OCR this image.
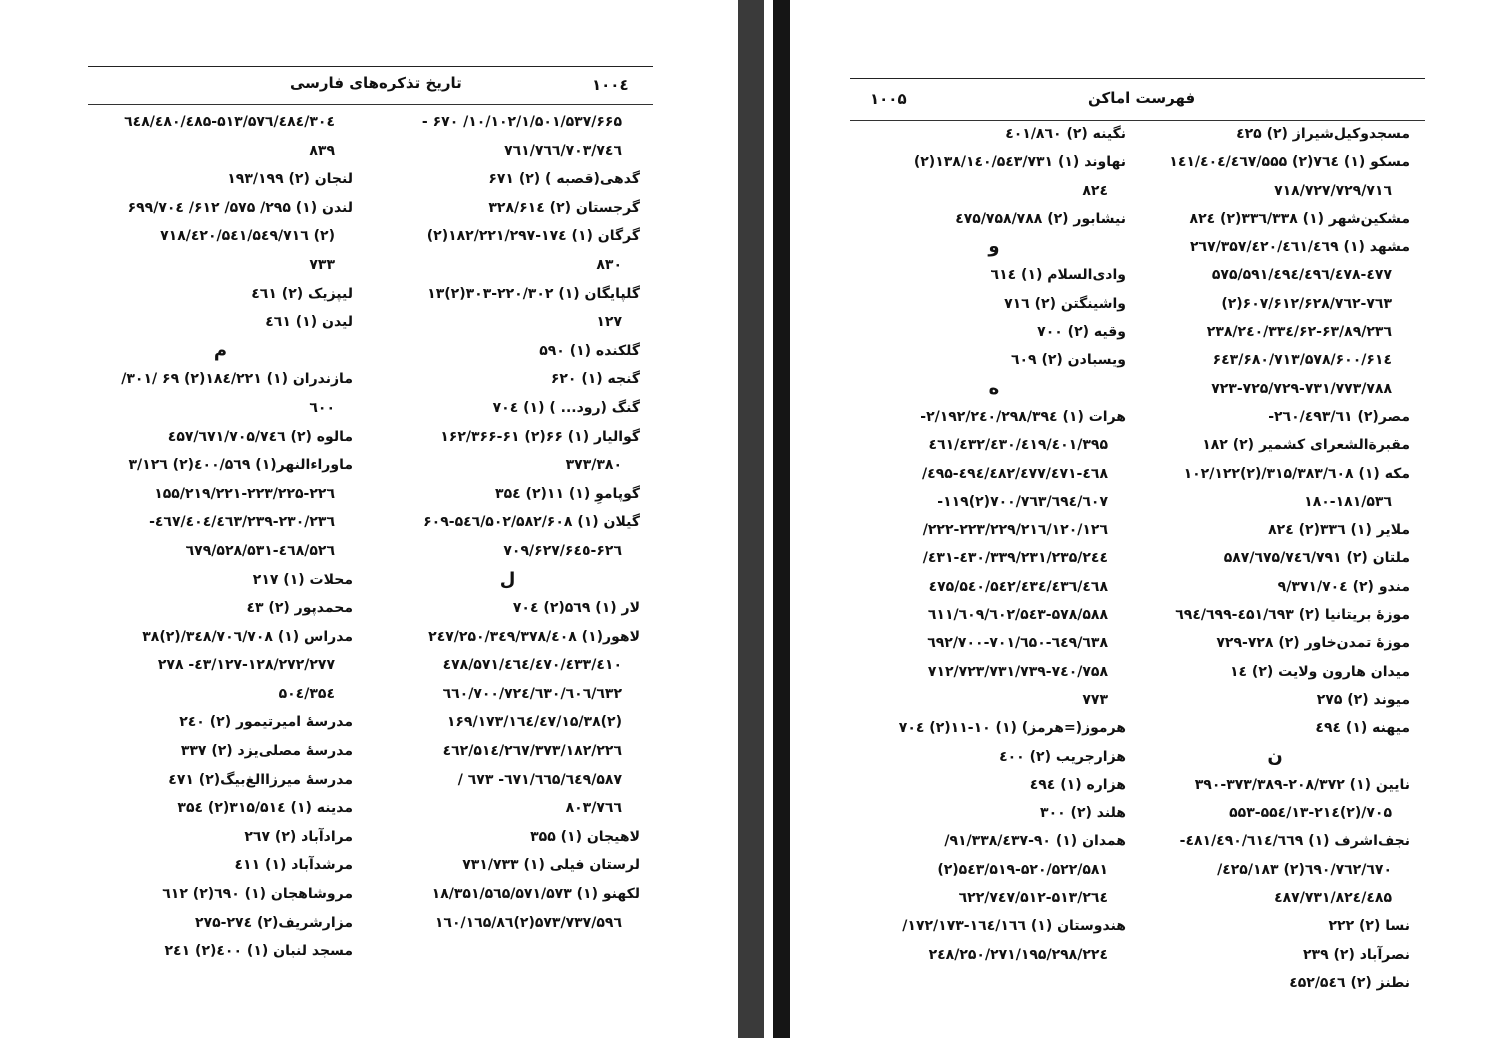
۱۰۰٤
تاریخ تذکره‌های فارسی
۱۰/۱۰۲/۱/۵۰۱/۵۳۷/۶۶۵/ ۶۷۰ -
۷۰۳/۷٤٦/۷٦٦/۷٦۱
گدهی(قصبه ) (۲) ۶۷۱
گرجستان (۲) ۳۲۸/۶۱٤
گرگان (۱) ۱۷٤-۱۸۲/۲۲۱/۲۹۷(۲)
۸۳۰
گلپایگان (۱) ۲۲۰/۳۰۲-۳۰۳(۲)۱۳
۱۲۷
گلکنده (۱) ۵۹۰
گنجه (۱) ۶۲۰
گنگ (رود... ) (۱) ۷۰٤
گوالیار (۱) ۶۶(۲) ۶۱-۱۶۲/۳۶۶
۳۷۳/۳۸۰
گوپاموِ (۱) ۱۱(۲) ۳۵٤
گیلان (۱) ۵٤٦/۵۰۲/۵۸۲/۶۰۸-۶۰۹
۶۲٦-۶۲۷/۶٤٥/۷۰۹
ل
لار (۱) ۵٦۹(۲) ۷۰٤
لاهور(۱) ۲٤۷/۲۵۰/۳٤۹/۳۷۸/٤۰۸
٤۱۰/٤۳۳/٤٦٤/٤۷۰/٤۷۸/۵۷۱
٦۰٦/٦۳۲/٦۳۰/٦٦۰/۷۰۰/۷۲٤
(۲)۱۵/۳۸/٤٧/۱٦٤/۱۶۹/۱۷۳
۱۸۲/۲۲٦/۲٦۷/۳۷۳/٤٦۲/۵۱٤
۵۸۷/٦٤۹/٦٦۵/٦۷۱- ٦۷۳ /
۷٦٦/۸۰۳
لاهیجان (۱) ۳۵۵
لرستان فیلی (۱) ۷۳۱/۷۳۳
لکهنو (۱) ۱۸/۳۵۱/۵٦۵/۵۷۱/۵۷۳
۵۹٦/۵۷۳/۷۳۷(۲)۸٦/۱٦۰/۱٦۵
۳۰٤/۵۱۳/۵۷٦/٤۸٤-٤۸۵/٤۸۰/٦٤۸
۸۳۹
لنجان (۲) ۱۹۳/۱۹۹
لندن (۱) ۲۹۵/ ۵۷۵/ ۶۱۲/ ۶۹۹/۷۰٤
(۲) ٤۲۰/۵٤۱/۵٤۹/۷۱٦/۷۱۸
۷۳۳
لیپزیک (۲) ٤٦۱
لیدن (۱) ٤٦۱
م
مازندران (۱) ۱۸٤/۲۲۱(۲) ۶۹ /۳۰۱/
٦۰۰
مالوه (۲) ٤۵۷/٦۷۱/۷۰۵/۷٤٦
ماوراءالنهر(۱) ٤۰۰/۵٦۹(۲) ۳/۱۲٦
۱۵۵/۲۱۹/۲۲۱-۲۲۳/۲۲۵-۲۲٦
۲۳۰/۲۳٦-۲۳۹/٤۰٤/٤٦۳/٤٦۷-
٤٦۸/۵۲٦-۵۲۸/۵۳۱/٦۷۹
محلات (۱) ۲۱۷
محمدپور (۲) ٤۳
مدراس (۱) ۳٤۸/۷۰٦/۷۰۸/(۲)۳۸
٤۳/۱۲۷-۱۲۸/۲۷۲/۲۷۷- ۲۷۸
۳۵٤/۵۰٤
مدرسهٔ امیرتیمور (۲) ۲٤۰
مدرسهٔ مصلی‌یزد (۲) ۳۳۷
مدرسهٔ میرزاالغ‌بیگ(۲) ٤۷۱
مدینه (۱) ۳۱۵/۵۱٤(۲) ۳۵٤
مرادآباد (۲) ۲٦۷
مرشدآباد (۱) ٤۱۱
مروشاهجان (۱) ٦۹۰(۲) ٦۱۲
مزارشریف(۲) ۲۷٤-۲۷۵
مسجد لنبان (۱) ٤۰۰(۲) ۲٤۱
۱۰۰۵	فهرست اماکن
مسجدوکیل‌شیراز (۲) ٤۲۵
مسکو (۱) ۷٦٤(۲) ۱٤۱/٤۰٤/٤٦۷/۵۵۵
۷۱٦/۷۱۸/۷۲۷/۷۲۹
مشکین‌شهر (۱) ۳۳٦/۳۳۸(۲) ۸۲٤
مشهد (۱) ۲٦۷/۳۵۷/٤۲۰/٤٦۱/٤٦۹
٤۷۷-٤۷۸/٤۹٤/٤۹٦/۵۷۵/۵۹۱
۶۰۷/۶۱۲/۶۲۸/۷٦۲-۷٦۳(۲)
۶۲-۶۳/۸۹/۲۳٦/۲۳۸/۲٤۰/۳۳٤
۵۷۸/۶۰۰/۶۱٤/۶٤۳/۶۸۰/۷۱۳
۷۲۳-۷۲۵/۷۲۹-۷۳۱/۷۷۳/۷۸۸
مصر(۲) ۲٦۰/٤۹۳/٦۱-
مقبرةالشعرای کشمیر (۲) ۱۸۲
مکه (۱) ۳۱۵/۳۸۳/٦۰۸/(۲)۱۰۲/۱۲۲
۱۸۰-۱۸۱/۵۳٦
ملایر (۱) ۳۳٦(۲) ۸۲٤
ملتان (۲) ۵۸۷/٦۷۵/۷٤٦/۷۹۱
مندو (۲) ۹/۳۷۱/۷۰٤
موزهٔ بریتانیا (۲) ٤۵۱/٦۹۳-٦۹٤/٦۹۹
موزهٔ تمدن‌خاور (۲) ۷۲۸-۷۲۹
میدان هارون ولایت (۲) ۱٤
میوند (۲) ۲۷۵
میهنه (۱) ٤۹٤
ن
نایین (۱) ۲۰۸/۳۷۲-۳۷۳/۳۸۹-۳۹۰
۷۰۵/(۲)۱۳-۲۱٤/۵۵۳-۵۵٤
نجف‌اشرف (۱) ٤۸۱/٤۹۰/٦۱٤/٦٦۹-
٦۷۰/٦۹۰/۷٦۲(۲) ۱۸۳/٤۲۵/
٤۸۵/٤۸۷/۷۳۱/۸۲٤
نسا (۲) ۲۲۲
نصرآباد (۲) ۲۳۹
نطنز (۲) ٤۵۲/۵٤٦
نگینه (۲) ٤۰۱/۸٦۰
نهاوند (۱) ۱۳۸/۱٤۰/۵٤۳/۷۳۱(۲)
۸۲٤
نیشابور (۲) ٤۷۵/۷۵۸/۷۸۸
و
وادی‌السلام (۱) ٦۱٤
واشینگتن (۲) ۷۱٦
وقیه (۲) ۷۰۰
ویسبادن (۲) ٦۰۹
ه
هرات (۱) ۲/۱۹۲/۲٤۰/۲۹۸/۳۹٤-
۳۹۵/٤۰۱/٤۱۹/٤۳۰/٤۳۲/٤٦۱
٤٦۸-٤۷۱/٤۷۷/٤۸۲/٤۹٤-٤۹۵/
٦۰۷/٦۹٤/۷۰۰/۷٦۳(۲)۱۱۹-
۱۲۰/۱۲٦/۲۱٦/۲۲۲-۲۲۳/۲۲۹/
۲۳۱/۲۳۵/۲٤٤/۳۳۹/٤۳۰-٤۳۱/
٤۳٤/٤۳٦/٤٦۸/٤۷۵/۵٤۰/۵٤۲
۵٤۳-۵۷۸/۵۸۸/٦۰۲/٦۰۹/٦۱۱
٦۳۸/٦٤۹-٦۵۰/٦۹۲/۷۰۰-۷۰۱
۷۱۲/۷۲۳/۷۳۱/۷۳۹-۷٤۰/۷۵۸
۷۷۳
هرموز(=هرمز) (۱) ۱۰-۱۱(۲) ۷۰٤
هزارجریب (۲) ٤۰۰
هزاره (۱) ٤۹٤
هلند (۲) ۳۰۰
همدان (۱) ۹۰-۹۱/۳۳۸/٤۳۷/
۵٤۳/۵۱۹-۵۲۰/۵۲۲/۵۸۱(۲)
۲٦٤/۵۱۲-۵۱۳/٦۲۲/۷٤۷
هندوستان (۱) ۱٦٤/۱٦٦-۱۷۲/۱۷۳/
۲۲٤/۲٤۸/۲۵۰/۲۷۱/۱۹۵/۲۹۸
